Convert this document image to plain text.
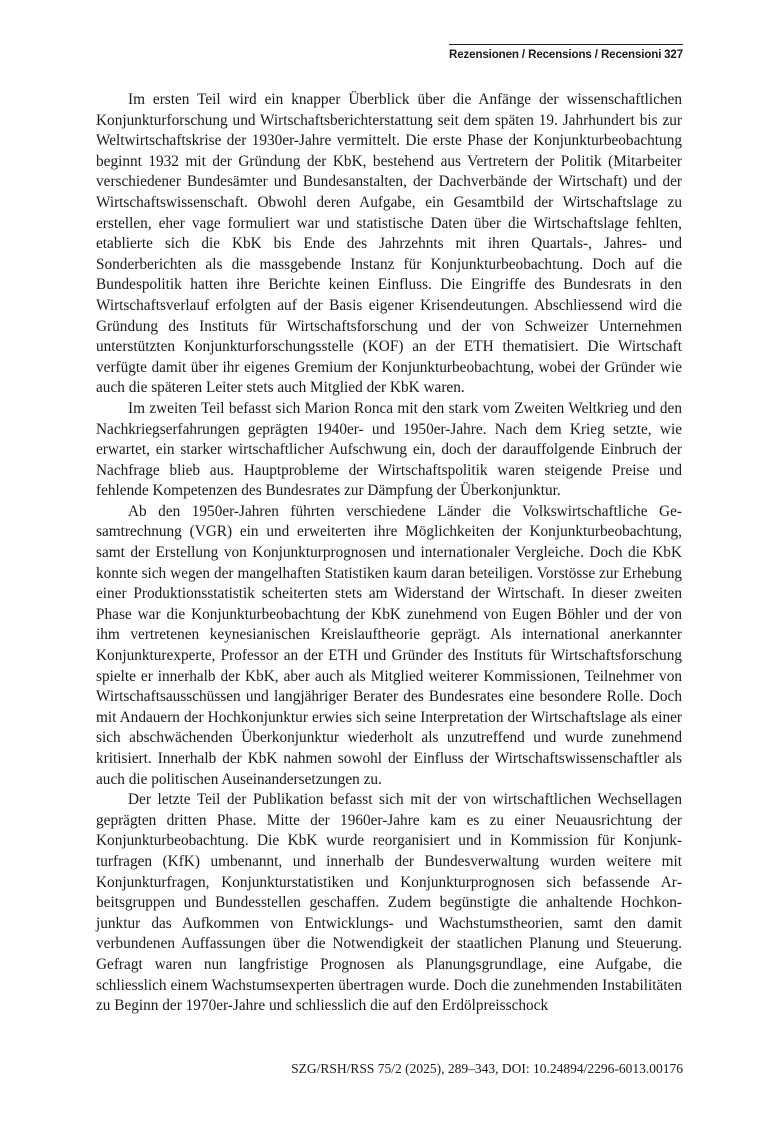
Rezensionen / Recensions / Recensioni 327

Im ersten Teil wird ein knapper Überblick über die Anfänge der wissenschaftlichen Konjunkturforschung und Wirtschaftsberichterstattung seit dem späten 19. Jahrhundert bis zur Weltwirtschaftskrise der 1930er-Jahre vermittelt. Die erste Phase der Konjunkturbeobachtung beginnt 1932 mit der Gründung der KbK, bestehend aus Vertretern der Politik (Mitarbeiter verschiedener Bundesämter und Bundesanstalten, der Dachverbände der Wirtschaft) und der Wirtschaftswissenschaft. Obwohl deren Aufgabe, ein Gesamtbild der Wirtschaftslage zu erstellen, eher vage formuliert war und statistische Daten über die Wirtschaftslage fehlten, etablierte sich die KbK bis Ende des Jahrzehnts mit ihren Quartals-, Jahres- und Sonderberichten als die massgebende Instanz für Konjunkturbeobachtung. Doch auf die Bundespolitik hatten ihre Berichte keinen Einfluss. Die Eingriffe des Bundesrats in den Wirtschaftsverlauf erfolgten auf der Basis eigener Krisendeutungen. Abschliessend wird die Gründung des Instituts für Wirtschaftsforschung und der von Schweizer Unternehmen unterstützten Konjunkturforschungsstelle (KOF) an der ETH thematisiert. Die Wirtschaft verfügte damit über ihr eigenes Gremium der Konjunkturbeobachtung, wobei der Gründer wie auch die späteren Leiter stets auch Mitglied der KbK waren.

Im zweiten Teil befasst sich Marion Ronca mit den stark vom Zweiten Weltkrieg und den Nachkriegserfahrungen geprägten 1940er- und 1950er-Jahre. Nach dem Krieg setzte, wie erwartet, ein starker wirtschaftlicher Aufschwung ein, doch der darauffolgende Einbruch der Nachfrage blieb aus. Hauptprobleme der Wirtschaftspolitik waren steigende Preise und fehlende Kompetenzen des Bundesrates zur Dämpfung der Überkonjunktur.

Ab den 1950er-Jahren führten verschiedene Länder die Volkswirtschaftliche Gesamtrechnung (VGR) ein und erweiterten ihre Möglichkeiten der Konjunkturbeobachtung, samt der Erstellung von Konjunkturprognosen und internationaler Vergleiche. Doch die KbK konnte sich wegen der mangelhaften Statistiken kaum daran beteiligen. Vorstösse zur Erhebung einer Produktionsstatistik scheiterten stets am Widerstand der Wirtschaft. In dieser zweiten Phase war die Konjunkturbeobachtung der KbK zunehmend von Eugen Böhler und der von ihm vertretenen keynesianischen Kreislauftheorie geprägt. Als international anerkannter Konjunkturexperte, Professor an der ETH und Gründer des Instituts für Wirtschaftsforschung spielte er innerhalb der KbK, aber auch als Mitglied weiterer Kommissionen, Teilnehmer von Wirtschaftsausschüssen und langjähriger Berater des Bundesrates eine besondere Rolle. Doch mit Andauern der Hochkonjunktur erwies sich seine Interpretation der Wirtschaftslage als einer sich abschwächenden Überkonjunktur wiederholt als unzutreffend und wurde zunehmend kritisiert. Innerhalb der KbK nahmen sowohl der Einfluss der Wirtschaftswissenschaftler als auch die politischen Auseinandersetzungen zu.

Der letzte Teil der Publikation befasst sich mit der von wirtschaftlichen Wechsellagen geprägten dritten Phase. Mitte der 1960er-Jahre kam es zu einer Neuausrichtung der Konjunkturbeobachtung. Die KbK wurde reorganisiert und in Kommission für Konjunkturfragen (KfK) umbenannt, und innerhalb der Bundesverwaltung wurden weitere mit Konjunkturfragen, Konjunkturstatistiken und Konjunkturprognosen sich befassende Arbeitsgruppen und Bundesstellen geschaffen. Zudem begünstigte die anhaltende Hochkonjunktur das Aufkommen von Entwicklungs- und Wachstumstheorien, samt den damit verbundenen Auffassungen über die Notwendigkeit der staatlichen Planung und Steuerung. Gefragt waren nun langfristige Prognosen als Planungsgrundlage, eine Aufgabe, die schliesslich einem Wachstumsexperten übertragen wurde. Doch die zunehmenden Instabilitäten zu Beginn der 1970er-Jahre und schliesslich die auf den Erdölpreisschock

SZG/RSH/RSS 75/2 (2025), 289–343, DOI: 10.24894/2296-6013.00176
